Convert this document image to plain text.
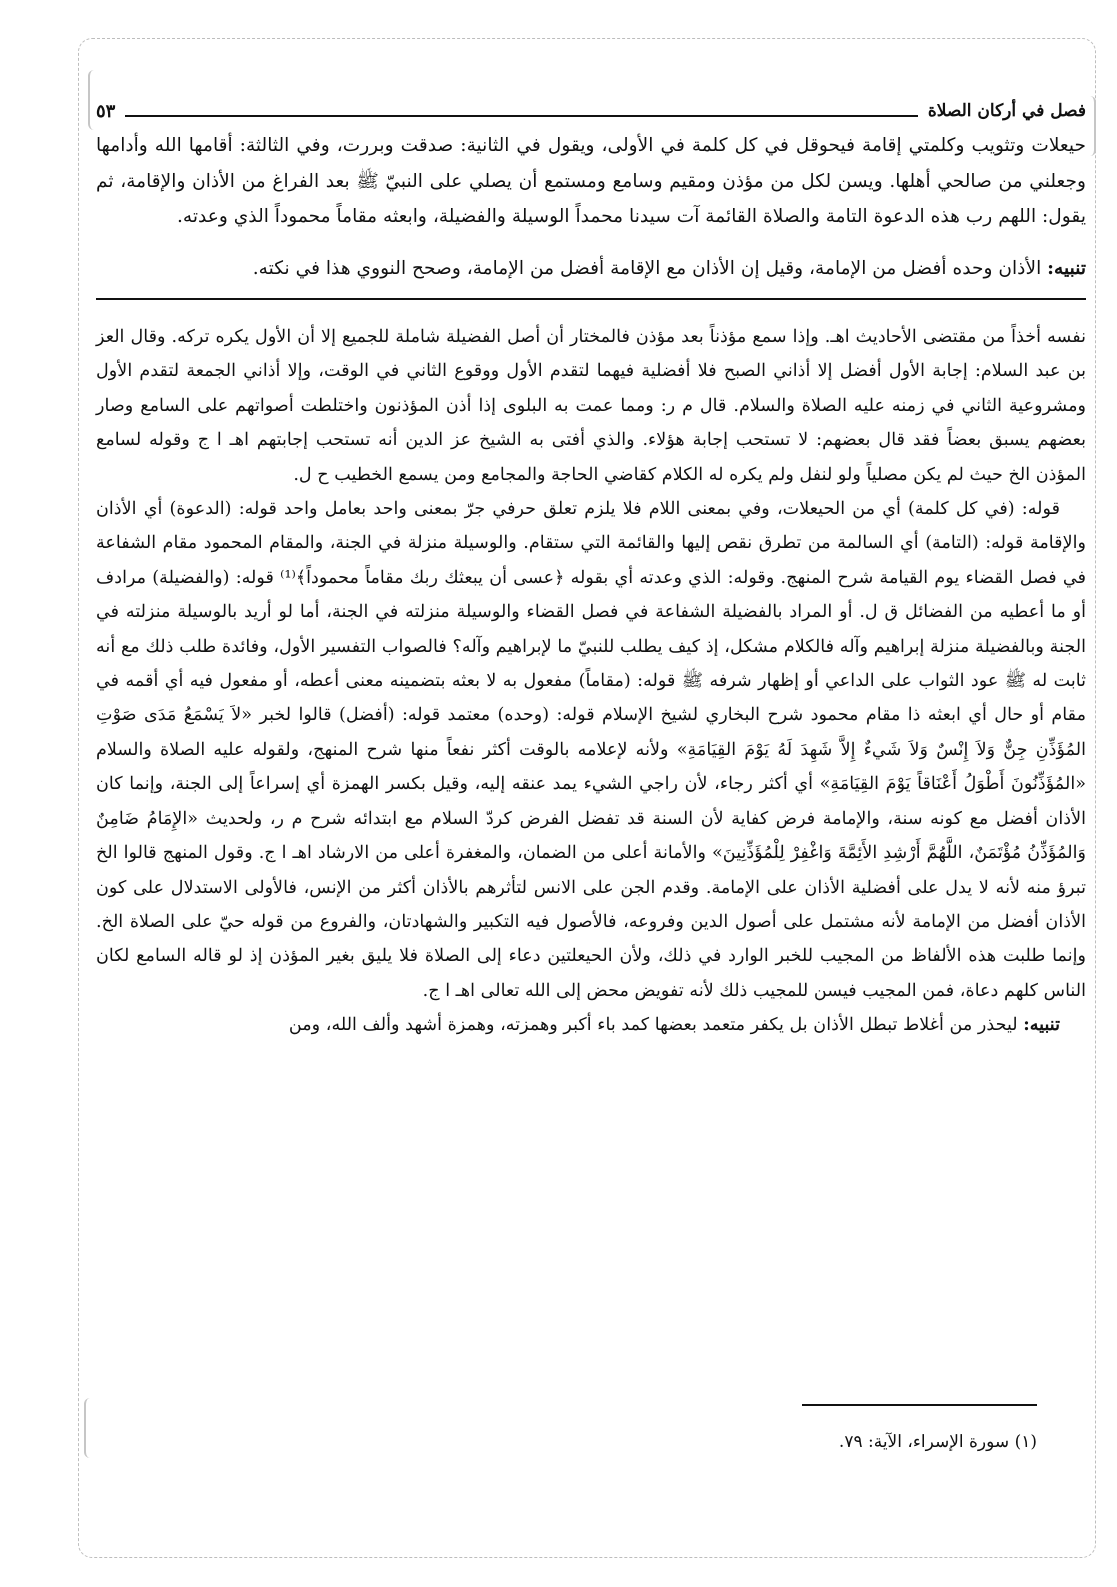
فصل في أركان الصلاة
٥٣

حيعلات وتثويب وكلمتي إقامة فيحوقل في كل كلمة في الأولى، ويقول في الثانية: صدقت وبررت، وفي الثالثة: أقامها الله وأدامها وجعلني من صالحي أهلها. ويسن لكل من مؤذن ومقيم وسامع ومستمع أن يصلي على النبيّ ﷺ بعد الفراغ من الأذان والإقامة، ثم يقول: اللهم رب هذه الدعوة التامة والصلاة القائمة آت سيدنا محمداً الوسيلة والفضيلة، وابعثه مقاماً محموداً الذي وعدته.

تنبيه: الأذان وحده أفضل من الإمامة، وقيل إن الأذان مع الإقامة أفضل من الإمامة، وصحح النووي هذا في نكته.

نفسه أخذاً من مقتضى الأحاديث اهـ. وإذا سمع مؤذناً بعد مؤذن فالمختار أن أصل الفضيلة شاملة للجميع إلا أن الأول يكره تركه. وقال العز بن عبد السلام: إجابة الأول أفضل إلا أذاني الصبح فلا أفضلية فيهما لتقدم الأول ووقوع الثاني في الوقت، وإلا أذاني الجمعة لتقدم الأول ومشروعية الثاني في زمنه عليه الصلاة والسلام. قال م ر: ومما عمت به البلوى إذا أذن المؤذنون واختلطت أصواتهم على السامع وصار بعضهم يسبق بعضاً فقد قال بعضهم: لا تستحب إجابة هؤلاء. والذي أفتى به الشيخ عز الدين أنه تستحب إجابتهم اهـ ا ج وقوله لسامع المؤذن الخ حيث لم يكن مصلياً ولو لنفل ولم يكره له الكلام كقاضي الحاجة والمجامع ومن يسمع الخطيب ح ل.

قوله: (في كل كلمة) أي من الحيعلات، وفي بمعنى اللام فلا يلزم تعلق حرفي جرّ بمعنى واحد بعامل واحد قوله: (الدعوة) أي الأذان والإقامة قوله: (التامة) أي السالمة من تطرق نقص إليها والقائمة التي ستقام. والوسيلة منزلة في الجنة، والمقام المحمود مقام الشفاعة في فصل القضاء يوم القيامة شرح المنهج. وقوله: الذي وعدته أي بقوله ﴿عسى أن يبعثك ربك مقاماً محموداً﴾⁽¹⁾ قوله: (والفضيلة) مرادف أو ما أعطيه من الفضائل ق ل. أو المراد بالفضيلة الشفاعة في فصل القضاء والوسيلة منزلته في الجنة، أما لو أريد بالوسيلة منزلته في الجنة وبالفضيلة منزلة إبراهيم وآله فالكلام مشكل، إذ كيف يطلب للنبيّ ما لإبراهيم وآله؟ فالصواب التفسير الأول، وفائدة طلب ذلك مع أنه ثابت له ﷺ عود الثواب على الداعي أو إظهار شرفه ﷺ قوله: (مقاماً) مفعول به لا بعثه بتضمينه معنى أعطه، أو مفعول فيه أي أقمه في مقام أو حال أي ابعثه ذا مقام محمود شرح البخاري لشيخ الإسلام قوله: (وحده) معتمد قوله: (أفضل) قالوا لخبر «لاَ يَسْمَعُ مَدَى صَوْتِ المُؤَذِّنِ جِنٌّ وَلاَ إِنْسٌ وَلاَ شَيءٌ إِلاَّ شَهِدَ لَهُ يَوْمَ القِيَامَةِ» ولأنه لإعلامه بالوقت أكثر نفعاً منها شرح المنهج، ولقوله عليه الصلاة والسلام «المُؤَذِّنُونَ أَطْوَلُ أَعْنَاقاً يَوْمَ القِيَامَةِ» أي أكثر رجاء، لأن راجي الشيء يمد عنقه إليه، وقيل بكسر الهمزة أي إسراعاً إلى الجنة، وإنما كان الأذان أفضل مع كونه سنة، والإمامة فرض كفاية لأن السنة قد تفضل الفرض كردّ السلام مع ابتدائه شرح م ر، ولحديث «الإِمَامُ ضَامِنٌ وَالمُؤَذِّنُ مُؤْتَمَنٌ، اللَّهُمَّ أَرْشِدِ الأَئِمَّةَ وَاغْفِرْ لِلْمُؤَذِّنِينَ» والأمانة أعلى من الضمان، والمغفرة أعلى من الارشاد اهـ ا ج. وقول المنهج قالوا الخ تبرؤ منه لأنه لا يدل على أفضلية الأذان على الإمامة. وقدم الجن على الانس لتأثرهم بالأذان أكثر من الإنس، فالأولى الاستدلال على كون الأذان أفضل من الإمامة لأنه مشتمل على أصول الدين وفروعه، فالأصول فيه التكبير والشهادتان، والفروع من قوله حيّ على الصلاة الخ. وإنما طلبت هذه الألفاظ من المجيب للخبر الوارد في ذلك، ولأن الحيعلتين دعاء إلى الصلاة فلا يليق بغير المؤذن إذ لو قاله السامع لكان الناس كلهم دعاة، فمن المجيب فيسن للمجيب ذلك لأنه تفويض محض إلى الله تعالى اهـ ا ج.

تنبيه: ليحذر من أغلاط تبطل الأذان بل يكفر متعمد بعضها كمد باء أكبر وهمزته، وهمزة أشهد وألف الله، ومن

(١) سورة الإسراء، الآية: ٧٩.
